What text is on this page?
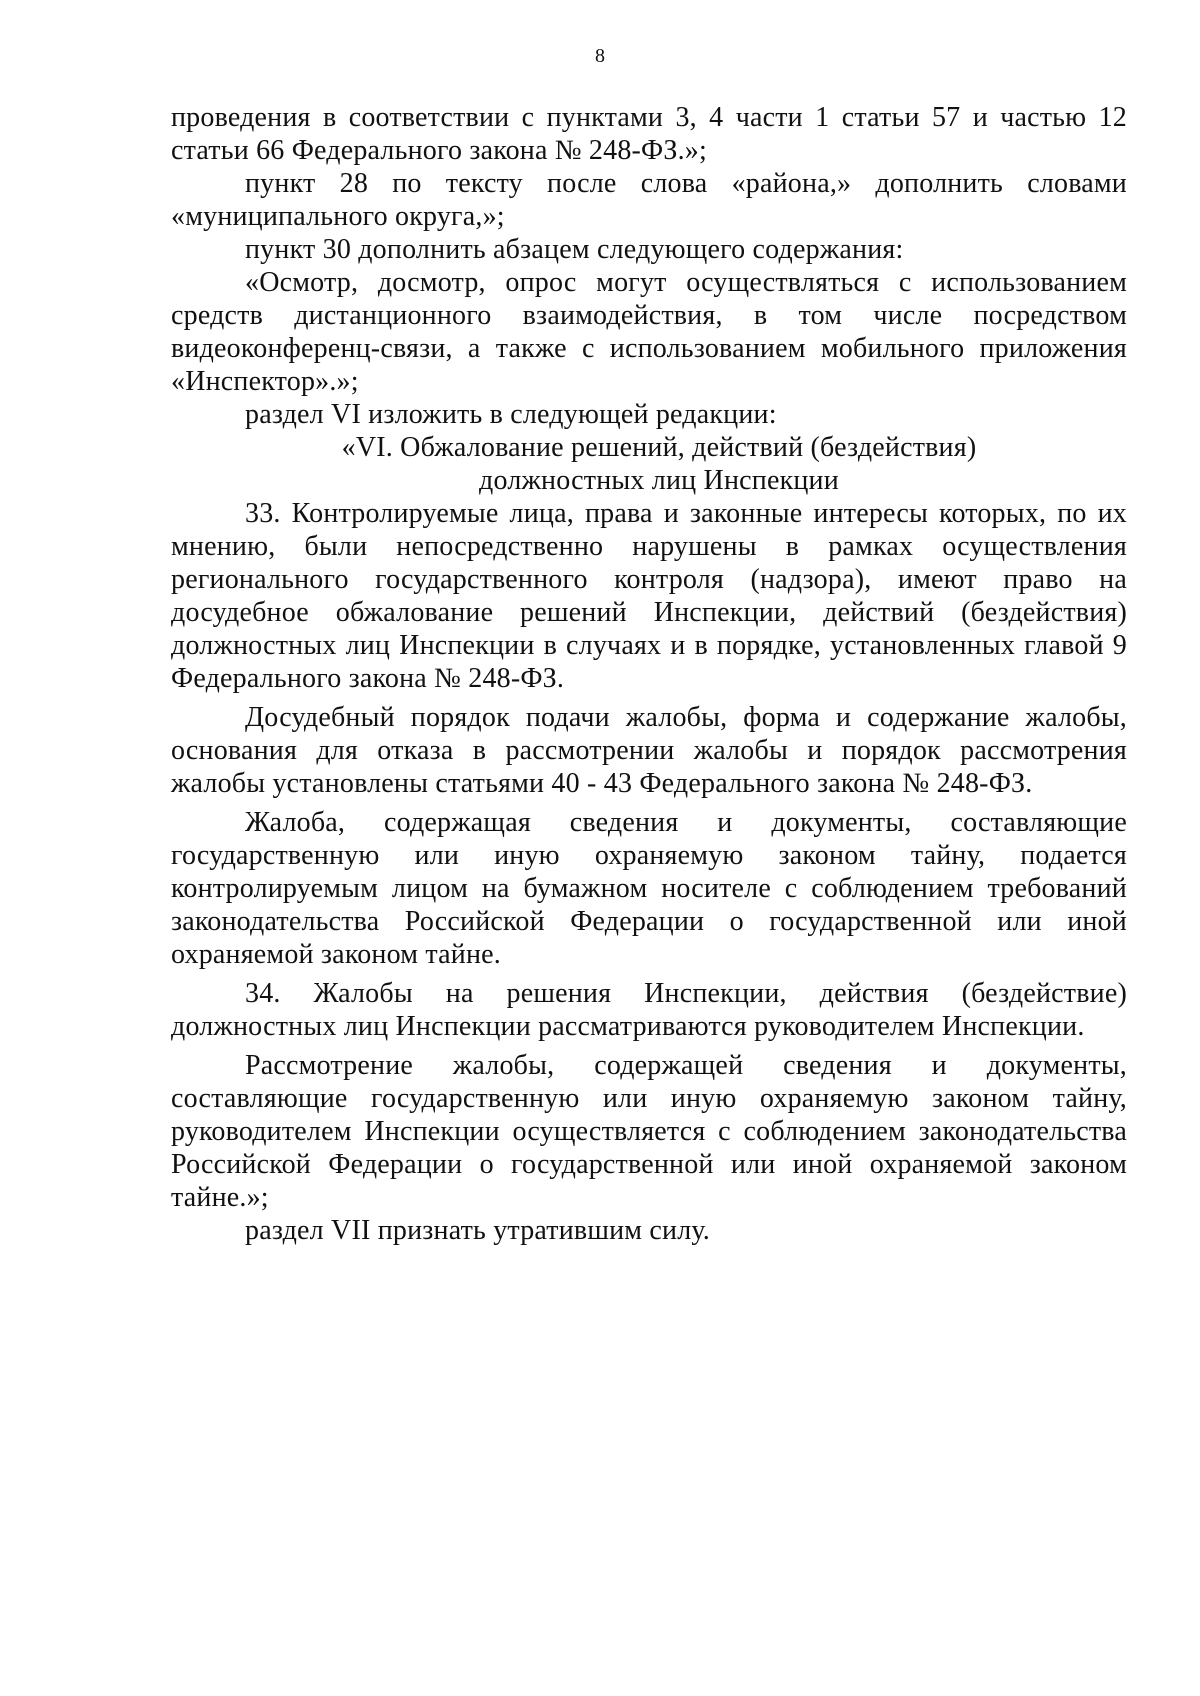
8

проведения в соответствии с пунктами 3, 4 части 1 статьи 57 и частью 12 статьи 66 Федерального закона № 248-ФЗ.»;

пункт 28 по тексту после слова «района,» дополнить словами «муниципального округа,»;

пункт 30 дополнить абзацем следующего содержания:

«Осмотр, досмотр, опрос могут осуществляться с использованием средств дистанционного взаимодействия, в том числе посредством видеоконференц-связи, а также с использованием мобильного приложения «Инспектор».»;

раздел VI изложить в следующей редакции:

«VI. Обжалование решений, действий (бездействия)

должностных лиц Инспекции

33. Контролируемые лица, права и законные интересы которых, по их мнению, были непосредственно нарушены в рамках осуществления регионального государственного контроля (надзора), имеют право на досудебное обжалование решений Инспекции, действий (бездействия) должностных лиц Инспекции в случаях и в порядке, установленных главой 9 Федерального закона № 248-ФЗ.

Досудебный порядок подачи жалобы, форма и содержание жалобы, основания для отказа в рассмотрении жалобы и порядок рассмотрения жалобы установлены статьями 40 - 43 Федерального закона № 248-ФЗ.

Жалоба, содержащая сведения и документы, составляющие государственную или иную охраняемую законом тайну, подается контролируемым лицом на бумажном носителе с соблюдением требований законодательства Российской Федерации о государственной или иной охраняемой законом тайне.

34. Жалобы на решения Инспекции, действия (бездействие) должностных лиц Инспекции рассматриваются руководителем Инспекции.

Рассмотрение жалобы, содержащей сведения и документы, составляющие государственную или иную охраняемую законом тайну, руководителем Инспекции осуществляется с соблюдением законодательства Российской Федерации о государственной или иной охраняемой законом тайне.»;

раздел VII признать утратившим силу.
